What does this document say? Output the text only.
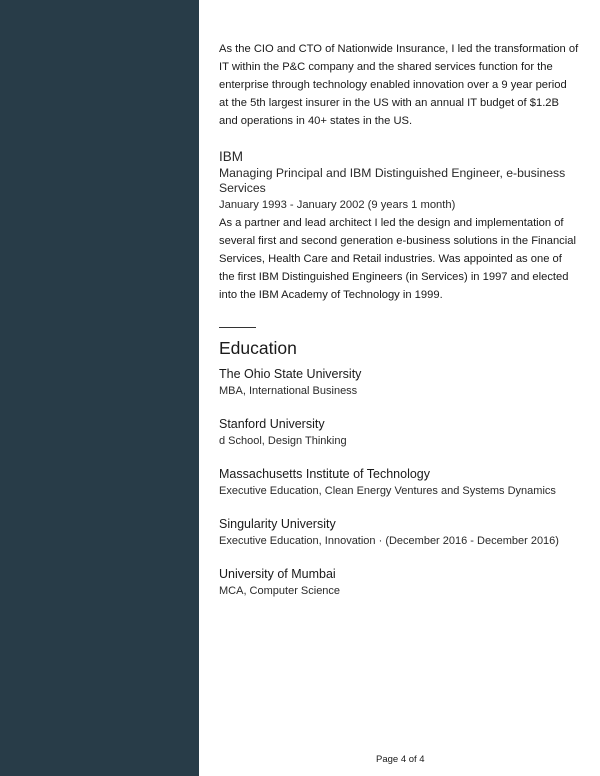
As the CIO and CTO of Nationwide Insurance, I led the transformation of IT within the P&C company and the shared services function for the enterprise through technology enabled innovation over a 9 year period at the 5th largest insurer in the US with an annual IT budget of $1.2B and operations in 40+ states in the US.

IBM

Managing Principal and IBM Distinguished Engineer, e-business Services

January 1993 - January 2002 (9 years 1 month)

As a partner and lead architect I led the design and implementation of several first and second generation e-business solutions in the Financial Services, Health Care and Retail industries. Was appointed as one of the first IBM Distinguished Engineers (in Services) in 1997 and elected into the IBM Academy of Technology in 1999.

Education

The Ohio State University

MBA, International Business

Stanford University

d School, Design Thinking

Massachusetts Institute of Technology

Executive Education, Clean Energy Ventures and Systems Dynamics

Singularity University

Executive Education, Innovation · (December 2016 - December 2016)

University of Mumbai

MCA, Computer Science

Page 4 of 4
